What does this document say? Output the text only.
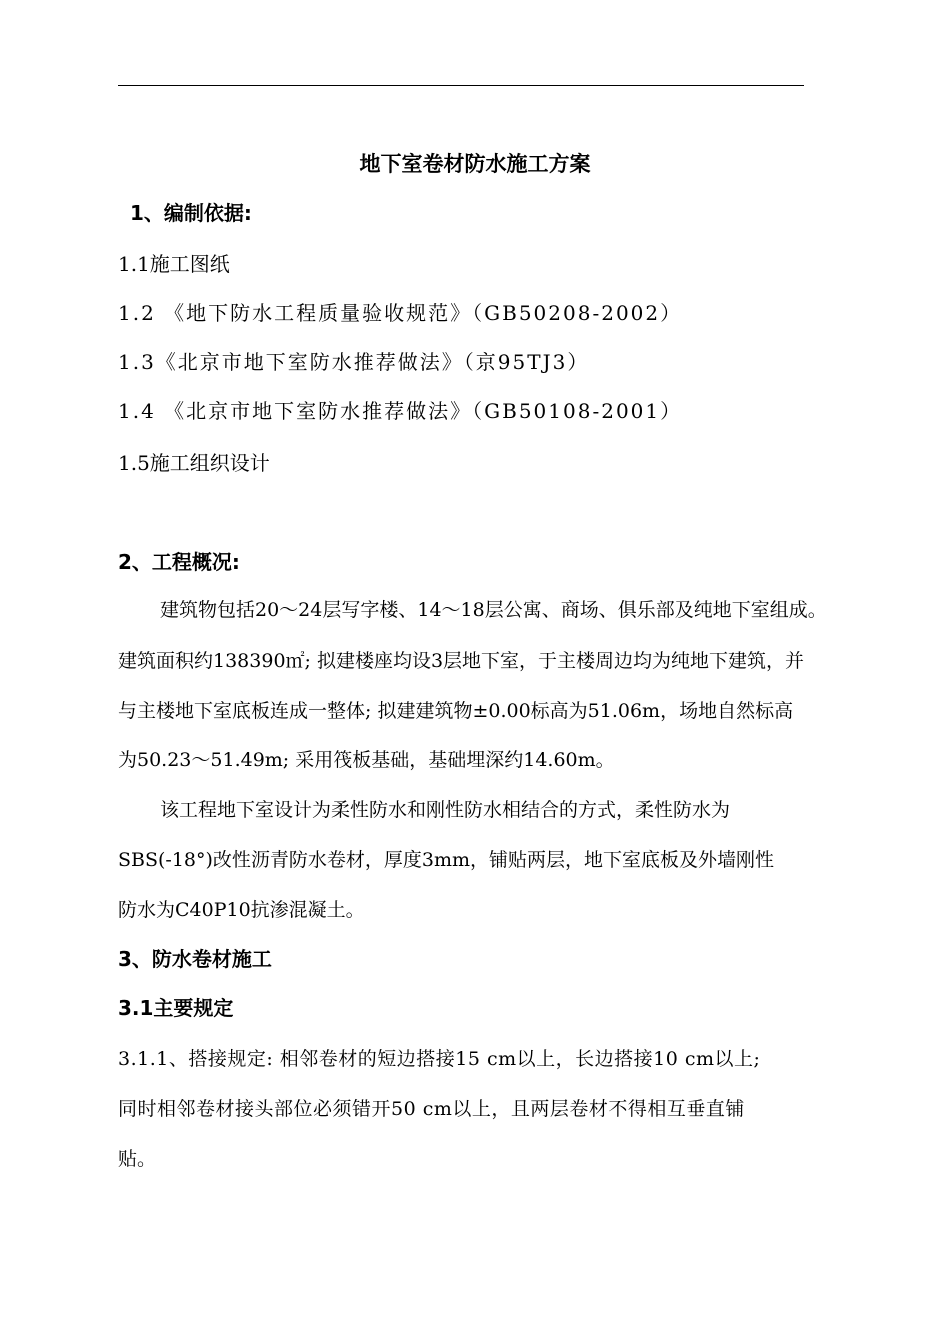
地下室卷材防水施工方案
1、编制依据:
1.1施工图纸
1.2 《地下防水工程质量验收规范》（GB50208-2002）
1.3《北京市地下室防水推荐做法》（京95TJ3）
1.4 《北京市地下室防水推荐做法》（GB50108-2001）
1.5施工组织设计
2、工程概况:
建筑物包括20～24层写字楼、14～18层公寓、商场、俱乐部及纯地下室组成。
建筑面积约138390㎡; 拟建楼座均设3层地下室，于主楼周边均为纯地下建筑，并
与主楼地下室底板连成一整体; 拟建建筑物±0.00标高为51.06m，场地自然标高
为50.23～51.49m; 采用筏板基础，基础埋深约14.60m。
该工程地下室设计为柔性防水和刚性防水相结合的方式，柔性防水为
SBS(-18°)改性沥青防水卷材，厚度3mm，铺贴两层，地下室底板及外墙刚性
防水为C40P10抗渗混凝土。
3、防水卷材施工
3.1主要规定
3.1.1、搭接规定: 相邻卷材的短边搭接15 cm以上，长边搭接10 cm以上;
同时相邻卷材接头部位必须错开50 cm以上，且两层卷材不得相互垂直铺
贴。
